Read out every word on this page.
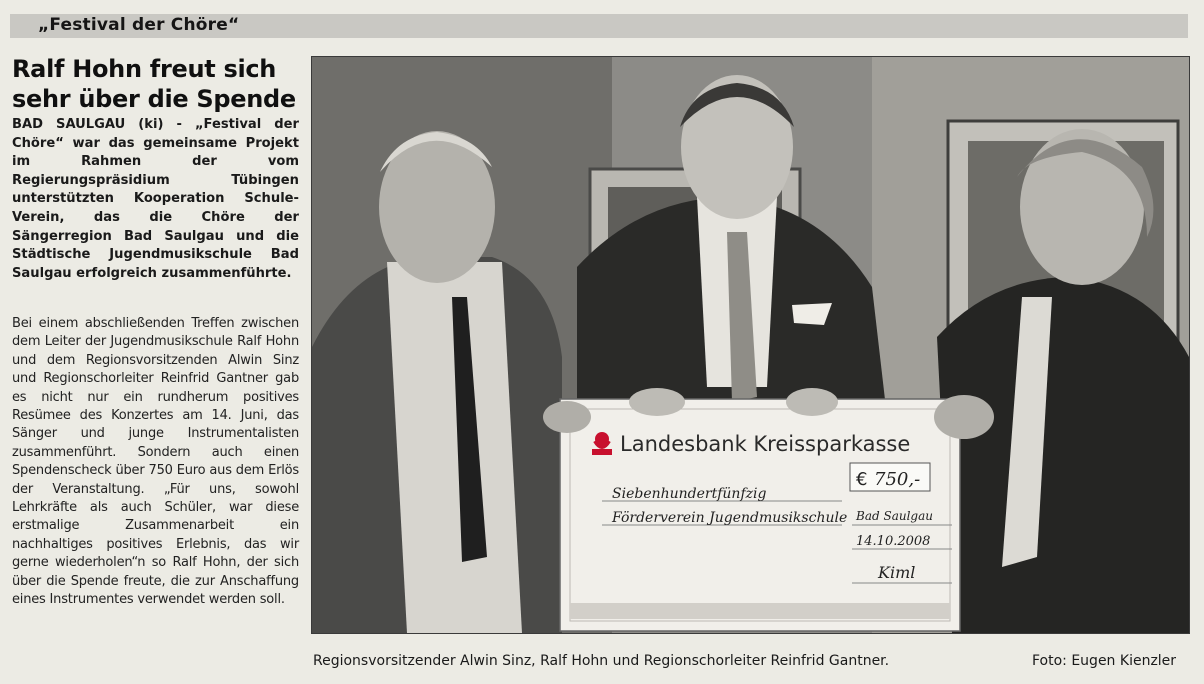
„Festival der Chöre“
Ralf Hohn freut sich sehr über die Spende

BAD SAULGAU (ki) - „Festival der Chöre“ war das gemeinsame Projekt im Rahmen der vom Regierungspräsidium Tübingen unterstützten Kooperation Schule-Verein, das die Chöre der Sängerregion Bad Saulgau und die Städtische Jugendmusikschule Bad Saulgau erfolgreich zusammenführte.

Bei einem abschließenden Treffen zwischen dem Leiter der Jugendmusikschule Ralf Hohn und dem Regionsvorsitzenden Alwin Sinz und Regionschorleiter Reinfrid Gantner gab es nicht nur ein rundherum positives Resümee des Konzertes am 14. Juni, das Sänger und junge Instrumentalisten zusammenführt. Sondern auch einen Spendenscheck über 750 Euro aus dem Erlös der Veranstaltung. „Für uns, sowohl Lehrkräfte als auch Schüler, war diese erstmalige Zusammenarbeit ein nachhaltiges positives Erlebnis, das wir gerne wiederholen“n so Ralf Hohn, der sich über die Spende freute, die zur Anschaffung eines Instrumentes verwendet werden soll.

Landesbank Kreissparkasse
€ 750,-
Siebenhundertfünfzig
Förderverein Jugendmusikschule Bad Saulgau
14.10.2008
Kiml
Regionsvorsitzender Alwin Sinz, Ralf Hohn und Regionschorleiter Reinfrid Gantner.	Foto: Eugen Kienzler
